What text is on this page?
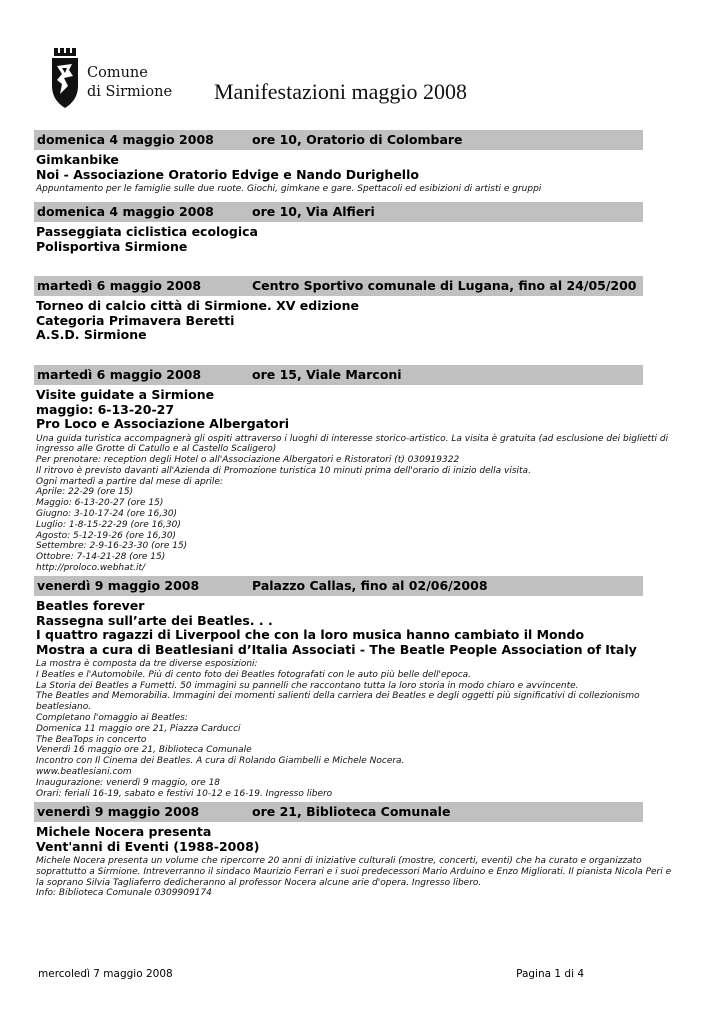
Comune
di Sirmione Manifestazioni maggio 2008
domenica 4 maggio 2008	ore 10, Oratorio di Colombare
Gimkanbike
Noi - Associazione Oratorio Edvige e Nando Durighello
Appuntamento per le famiglie sulle due ruote. Giochi, gimkane e gare. Spettacoli ed esibizioni di artisti e gruppi
domenica 4 maggio 2008	ore 10, Via Alfieri
Passeggiata ciclistica ecologica
Polisportiva Sirmione
martedì 6 maggio 2008	Centro Sportivo comunale di Lugana, fino al 24/05/200
Torneo di calcio città di Sirmione. XV edizione
Categoria Primavera Beretti
A.S.D. Sirmione
martedì 6 maggio 2008	ore 15, Viale Marconi
Visite guidate a Sirmione
maggio: 6-13-20-27
Pro Loco e Associazione Albergatori
Una guida turistica accompagnerà gli ospiti attraverso i luoghi di interesse storico-artistico. La visita è gratuita (ad esclusione dei biglietti di
ingresso alle Grotte di Catullo e al Castello Scaligero)
Per prenotare: reception degli Hotel o all'Associazione Albergatori e Ristoratori (t) 030919322
Il ritrovo è previsto davanti all'Azienda di Promozione turistica 10 minuti prima dell'orario di inizio della visita.
Ogni martedì a partire dal mese di aprile:
Aprile: 22-29 (ore 15)
Maggio: 6-13-20-27 (ore 15)
Giugno: 3-10-17-24 (ore 16,30)
Luglio: 1-8-15-22-29 (ore 16,30)
Agosto: 5-12-19-26 (ore 16,30)
Settembre: 2-9-16-23-30 (ore 15)
Ottobre: 7-14-21-28 (ore 15)
http://proloco.webhat.it/
venerdì 9 maggio 2008	Palazzo Callas, fino al 02/06/2008
Beatles forever
Rassegna sull’arte dei Beatles. . .
I quattro ragazzi di Liverpool che con la loro musica hanno cambiato il Mondo
Mostra a cura di Beatlesiani d’Italia Associati - The Beatle People Association of Italy
La mostra è composta da tre diverse esposizioni:
I Beatles e l'Automobile. Più di cento foto dei Beatles fotografati con le auto più belle dell'epoca.
La Storia dei Beatles a Fumetti. 50 immagini su pannelli che raccontano tutta la loro storia in modo chiaro e avvincente.
The Beatles and Memorabilia. Immagini dei momenti salienti della carriera dei Beatles e degli oggetti più significativi di collezionismo
beatlesiano.
Completano l'omaggio ai Beatles:
Domenica 11 maggio ore 21, Piazza Carducci
The BeaTops in concerto
Venerdì 16 maggio ore 21, Biblioteca Comunale
Incontro con Il Cinema dei Beatles. A cura di Rolando Giambelli e Michele Nocera.
www.beatlesiani.com
Inaugurazione: venerdì 9 maggio, ore 18
Orari: feriali 16-19, sabato e festivi 10-12 e 16-19. Ingresso libero
venerdì 9 maggio 2008	ore 21, Biblioteca Comunale
Michele Nocera presenta
Vent'anni di Eventi (1988-2008)
Michele Nocera presenta un volume che ripercorre 20 anni di iniziative culturali (mostre, concerti, eventi) che ha curato e organizzato
soprattutto a Sirmione. Intreverranno il sindaco Maurizio Ferrari e i suoi predecessori Mario Arduino e Enzo Migliorati. Il pianista Nicola Peri e
la soprano Silvia Tagliaferro dedicheranno al professor Nocera alcune arie d'opera. Ingresso libero.
Info: Biblioteca Comunale 0309909174
mercoledì 7 maggio 2008	Pagina 1 di 4
